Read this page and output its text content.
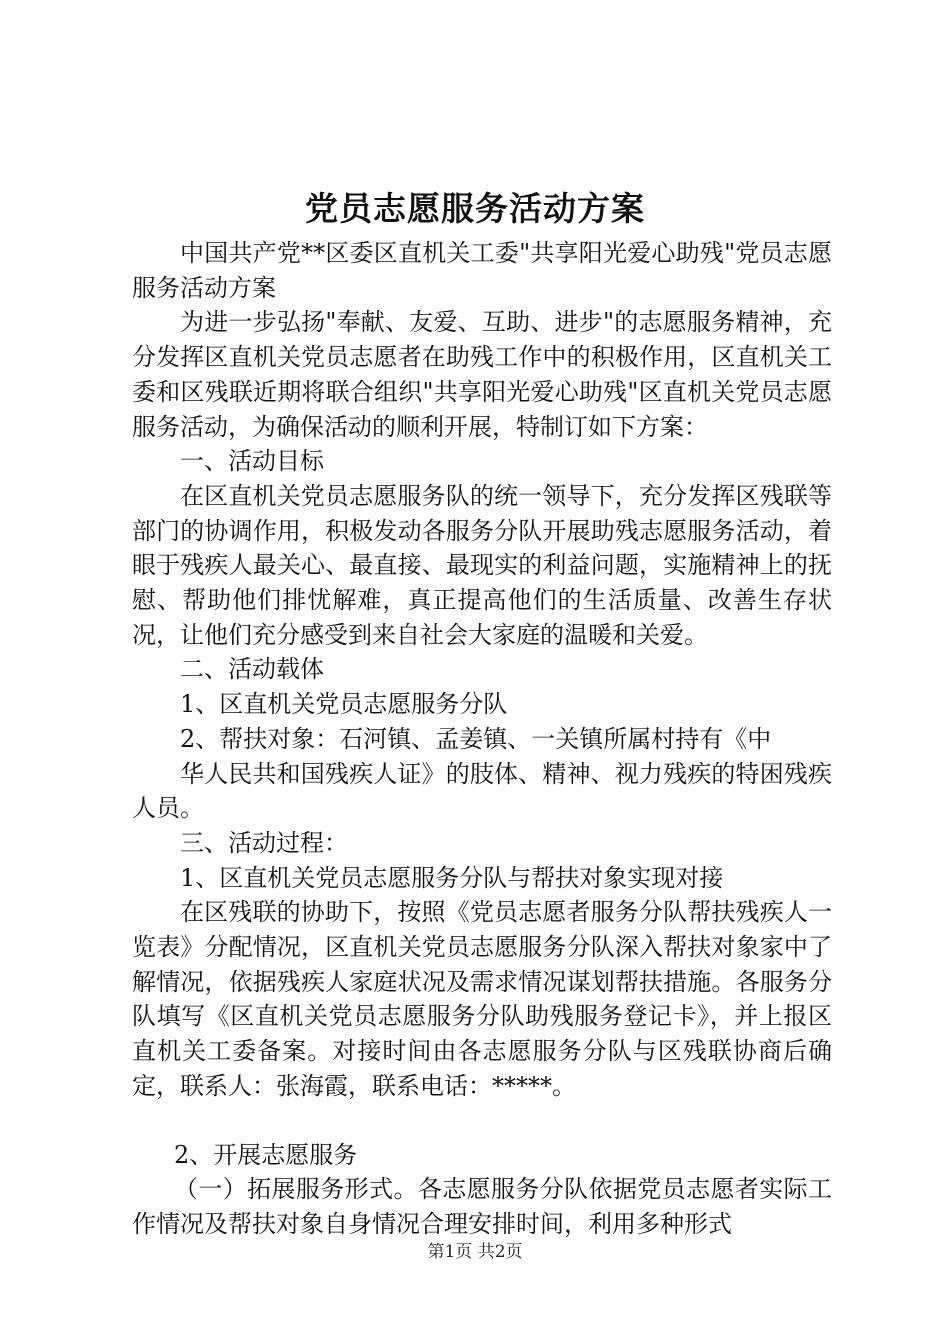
党员志愿服务活动方案

中国共产党**区委区直机关工委"共享阳光爱心助残"党员志愿服务活动方案

为进一步弘扬"奉献、友爱、互助、进步"的志愿服务精神，充分发挥区直机关党员志愿者在助残工作中的积极作用，区直机关工委和区残联近期将联合组织"共享阳光爱心助残"区直机关党员志愿服务活动，为确保活动的顺利开展，特制订如下方案：

一、活动目标

在区直机关党员志愿服务队的统一领导下，充分发挥区残联等部门的协调作用，积极发动各服务分队开展助残志愿服务活动，着眼于残疾人最关心、最直接、最现实的利益问题，实施精神上的抚慰、帮助他们排忧解难，真正提高他们的生活质量、改善生存状况，让他们充分感受到来自社会大家庭的温暖和关爱。

二、活动载体

1、区直机关党员志愿服务分队

2、帮扶对象：石河镇、孟姜镇、一关镇所属村持有《中

华人民共和国残疾人证》的肢体、精神、视力残疾的特困残疾人员。

三、活动过程：

1、区直机关党员志愿服务分队与帮扶对象实现对接

在区残联的协助下，按照《党员志愿者服务分队帮扶残疾人一览表》分配情况，区直机关党员志愿服务分队深入帮扶对象家中了解情况，依据残疾人家庭状况及需求情况谋划帮扶措施。各服务分队填写《区直机关党员志愿服务分队助残服务登记卡》，并上报区直机关工委备案。对接时间由各志愿服务分队与区残联协商后确定，联系人：张海霞，联系电话：*****。

2、开展志愿服务

（一）拓展服务形式。各志愿服务分队依据党员志愿者实际工作情况及帮扶对象自身情况合理安排时间，利用多种形式

第1页 共2页
